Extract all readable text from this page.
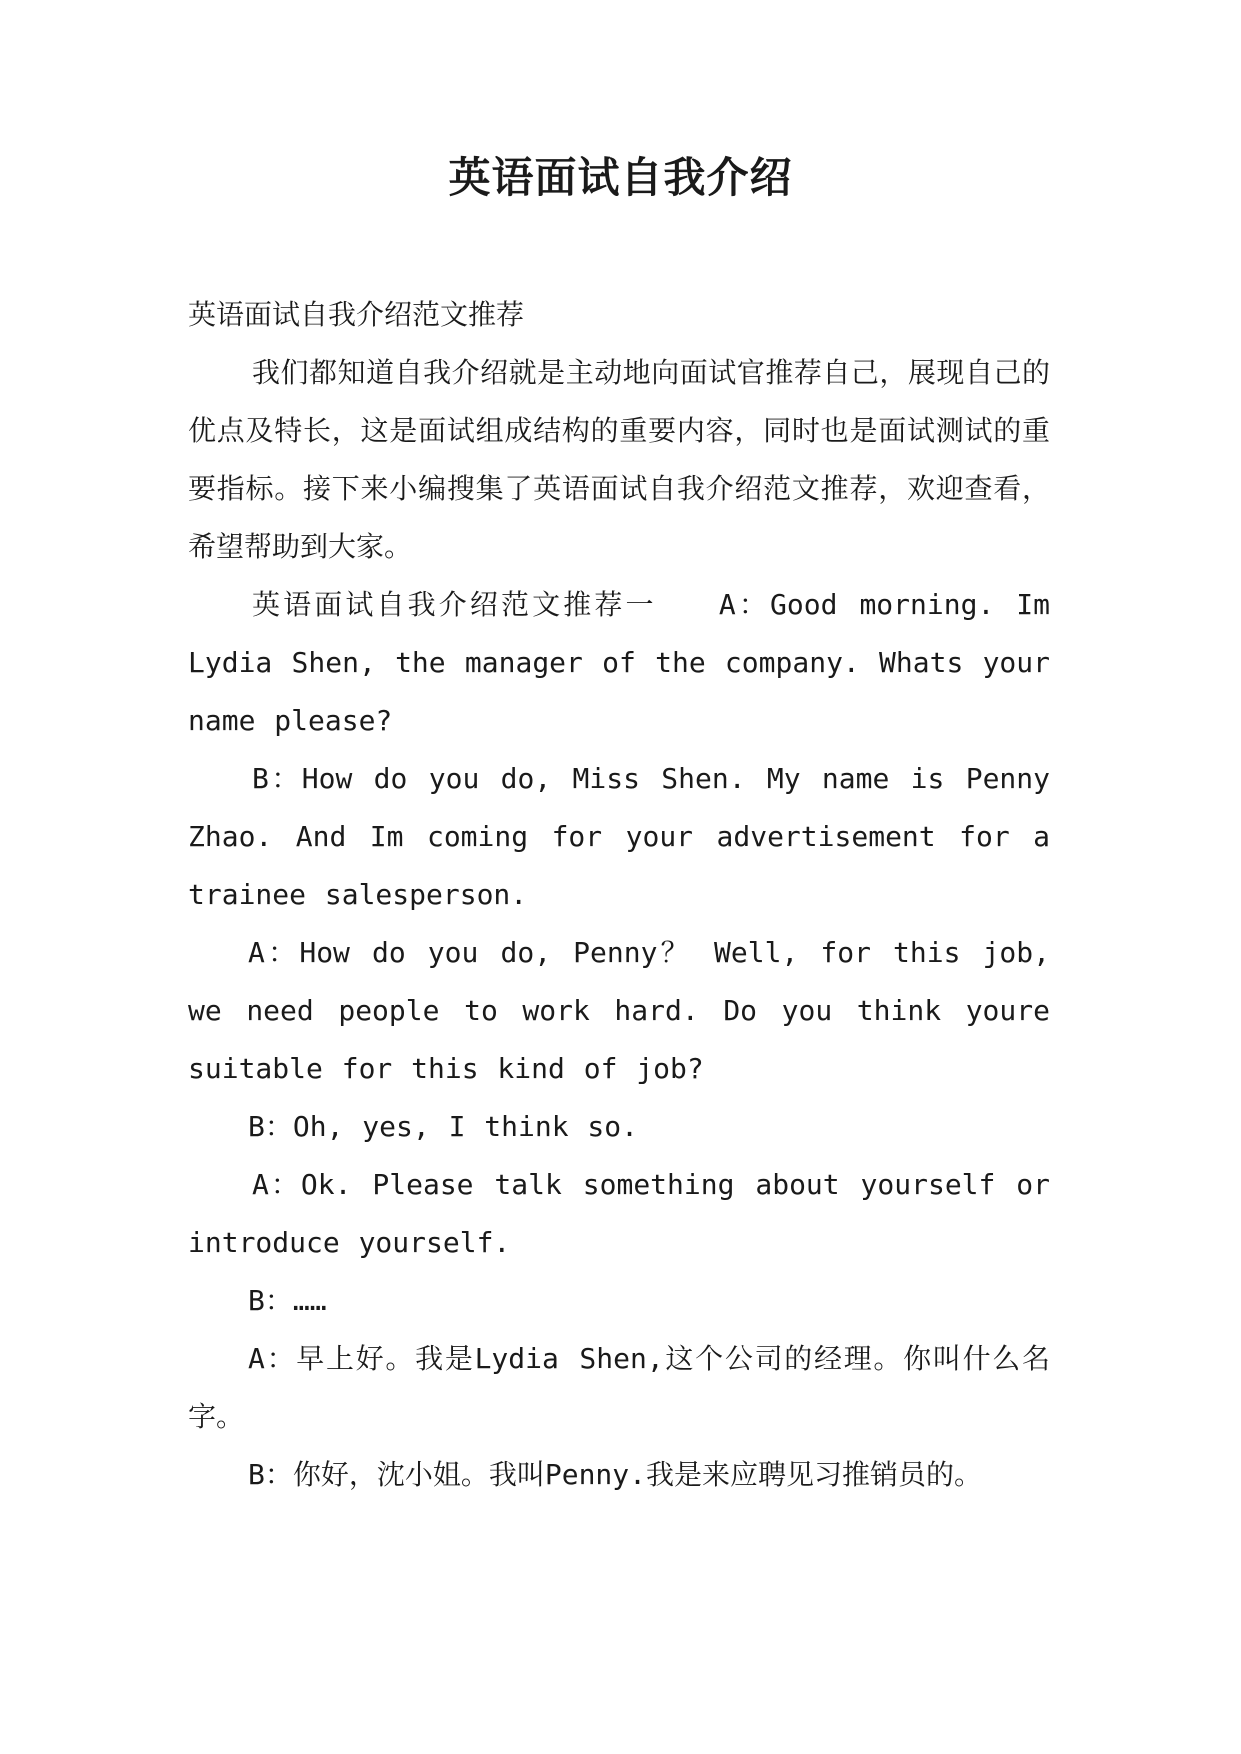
英语面试自我介绍

英语面试自我介绍范文推荐

我们都知道自我介绍就是主动地向面试官推荐自己，展现自己的优点及特长，这是面试组成结构的重要内容，同时也是面试测试的重要指标。接下来小编搜集了英语面试自我介绍范文推荐，欢迎查看，希望帮助到大家。

英语面试自我介绍范文推荐一　　A：Good morning. Im Lydia Shen, the manager of the company. Whats your name please?

B：How do you do, Miss Shen. My name is Penny Zhao. And Im coming for your advertisement for a trainee salesperson.

A：How do you do, Penny？ Well, for this job, we need people to work hard. Do you think youre suitable for this kind of job?

B：Oh, yes, I think so.

A：Ok. Please talk something about yourself or introduce yourself.

B：……

A：早上好。我是Lydia Shen,这个公司的经理。你叫什么名字。

B：你好，沈小姐。我叫Penny.我是来应聘见习推销员的。
